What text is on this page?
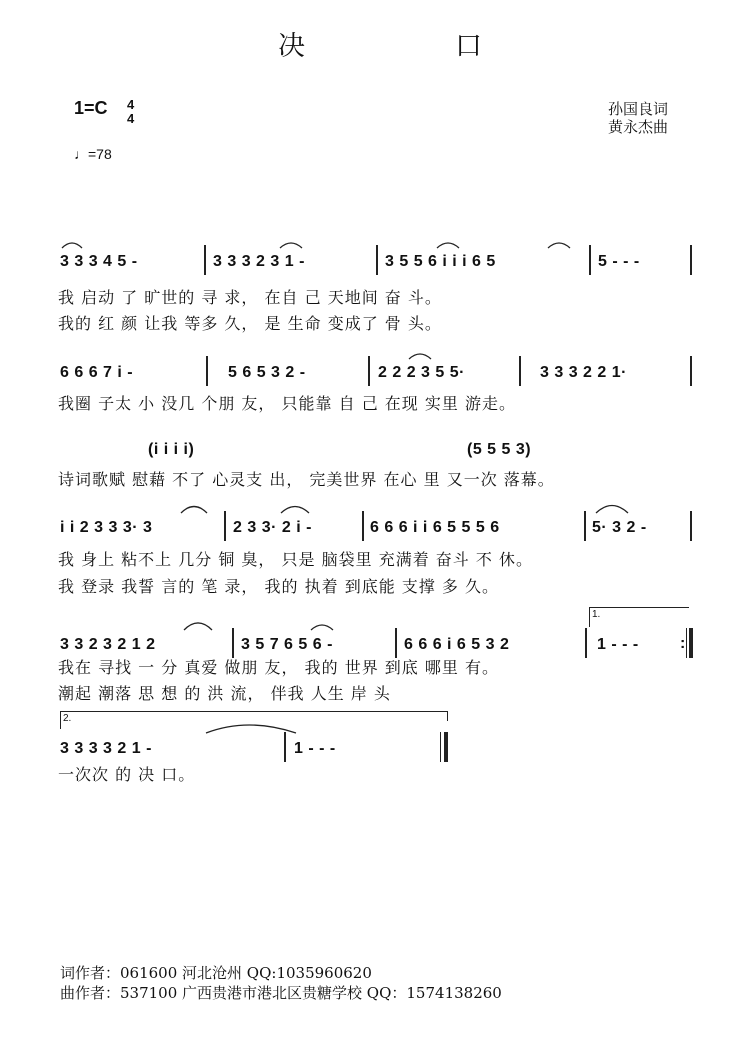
决	口
1=C 4
4
♩=78
孙国良词
黄永杰曲
3 3 3 4 5 -	3 3 3 2 3 1 -	3 5 5 6 i i i 6 5	5 - - -
我 启动 了 旷世的 寻 求， 在自 己 天地间 奋 斗。
我的 红 颜 让我 等多 久， 是 生命 变成了 骨 头。
6 6 6 7 i -	5 6 5 3 2 -	2 2 2 3 5 5·	3 3 3 2 2 1·
我圈 子太 小 没几 个朋 友， 只能靠 自 己 在现 实里 游走。
(i i i i)	(5 5 5 3)
诗词歌赋 慰藉 不了 心灵支 出， 完美世界 在心 里 又一次 落幕。
i i 2 3 3 3· 3	2 3 3· 2 i -	6 6 6 i i 6 5 5 5 6	5· 3 2 -
我 身上 粘不上 几分 铜 臭， 只是 脑袋里 充满着 奋斗 不 休。
我 登录 我誓 言的 笔 录， 我的 执着 到底能 支撑 多 久。
1.
3 3 2 3 2 1 2	3 5 7 6 5 6 -	6 6 6 i 6 5 3 2	1 - - -	:
我在 寻找 一 分 真爱 做朋 友， 我的 世界 到底 哪里 有。
潮起 潮落 思 想 的 洪 流， 伴我 人生 岸 头
2.
3 3 3 3 2 1 -	1 - - -
一次次 的 决 口。
词作者：061600 河北沧州 QQ:1035960620
曲作者：537100 广西贵港市港北区贵糖学校 QQ：1574138260
